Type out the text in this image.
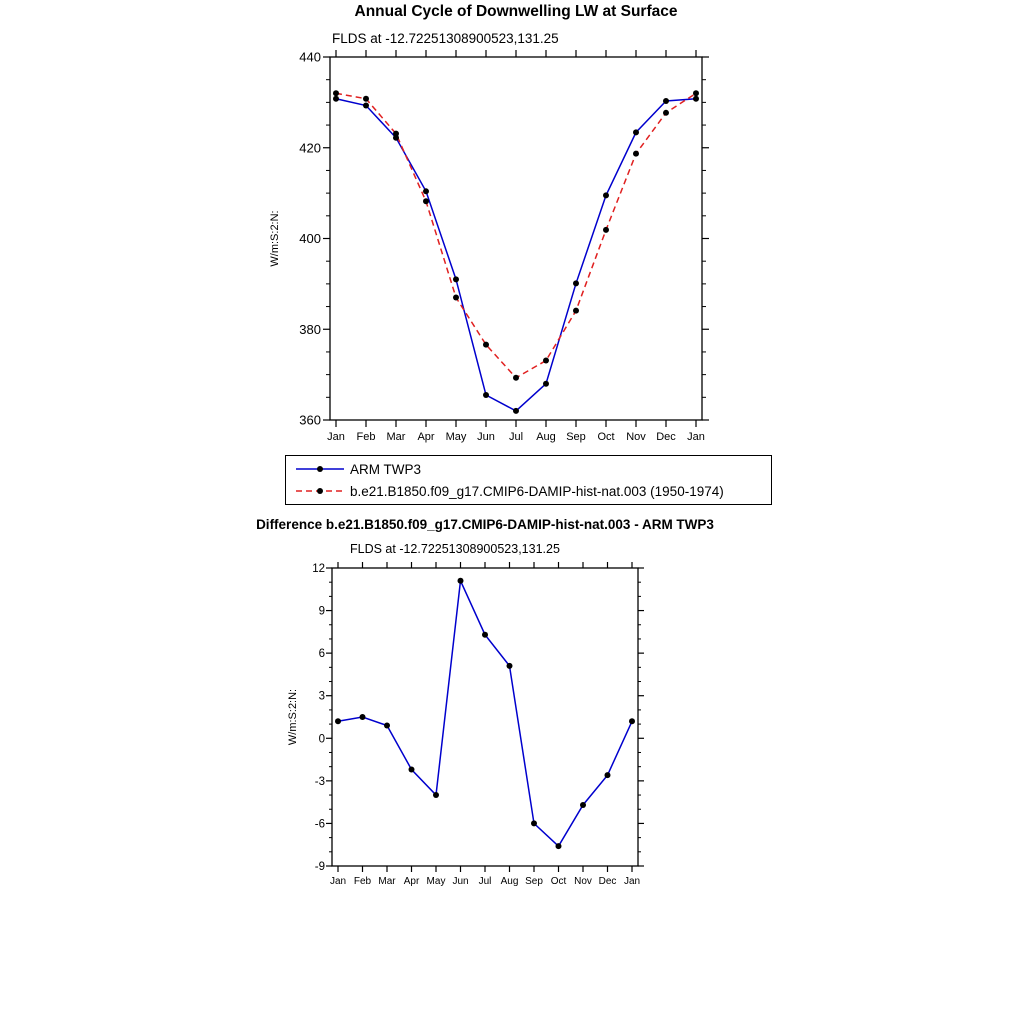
Annual Cycle of Downwelling LW at Surface
FLDS at -12.72251308900523,131.25
360
380
400
420
440
Jan Feb Mar Apr May Jun Jul Aug Sep Oct Nov Dec Jan
W/m:S:2:N:
ARM TWP3
b.e21.B1850.f09_g17.CMIP6-DAMIP-hist-nat.003 (1950-1974)
Difference b.e21.B1850.f09_g17.CMIP6-DAMIP-hist-nat.003 - ARM TWP3
FLDS at -12.72251308900523,131.25
-9
-6
-3
0
3
6
9
12
Jan Feb Mar Apr May Jun Jul Aug Sep Oct Nov Dec Jan
W/m:S:2:N:
